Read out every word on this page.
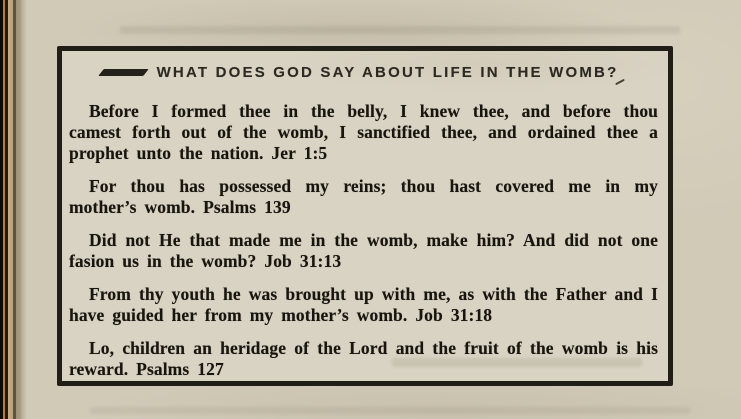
WHAT DOES GOD SAY ABOUT LIFE IN THE WOMB?

Before I formed thee in the belly, I knew thee, and before thou camest forth out of the womb, I sanctified thee, and ordained thee a prophet unto the nation. Jer 1:5

For thou has possessed my reins; thou hast covered me in my mother’s womb. Psalms 139

Did not He that made me in the womb, make him? And did not one fasion us in the womb? Job 31:13

From thy youth he was brought up with me, as with the Father and I have guided her from my mother’s womb. Job 31:18

Lo, children an heridage of the Lord and the fruit of the womb is his reward. Psalms 127
